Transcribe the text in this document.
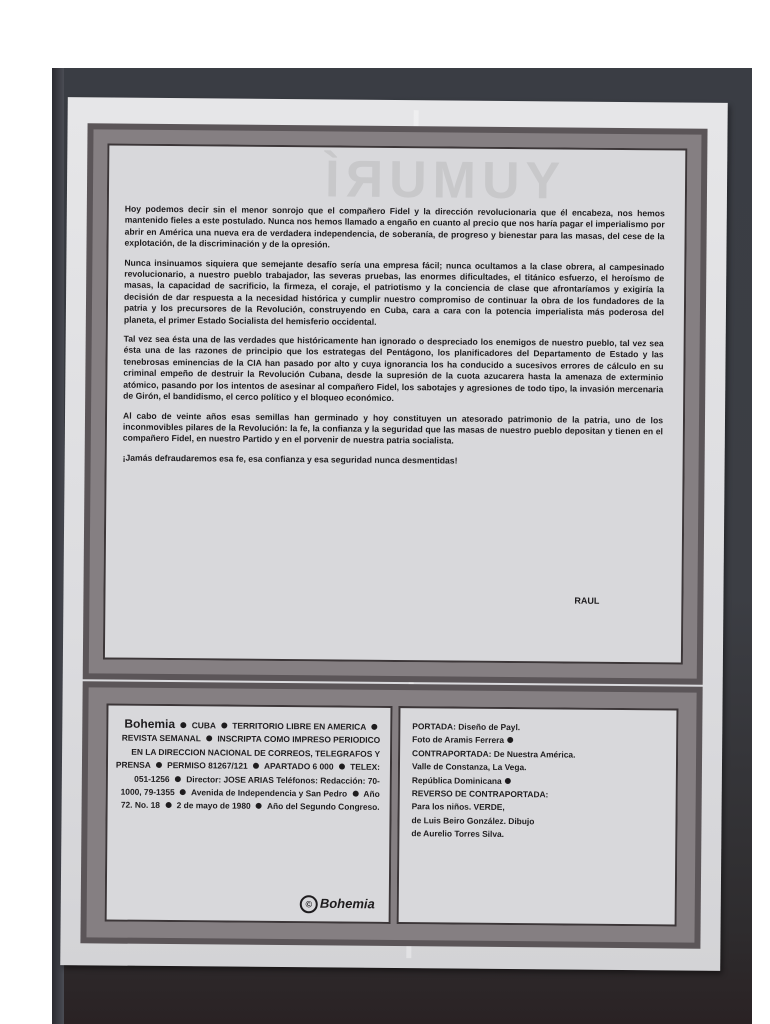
YUMURÍ

Hoy podemos decir sin el menor sonrojo que el compañero Fidel y la dirección revolucionaria que él encabeza, nos hemos mantenido fieles a este postulado. Nunca nos hemos llamado a engaño en cuanto al precio que nos haría pagar el imperialismo por abrir en América una nueva era de verdadera independencia, de soberanía, de progreso y bienestar para las masas, del cese de la explotación, de la discriminación y de la opresión.

Nunca insinuamos siquiera que semejante desafío sería una empresa fácil; nunca ocultamos a la clase obrera, al campesinado revolucionario, a nuestro pueblo trabajador, las severas pruebas, las enormes dificultades, el titánico esfuerzo, el heroísmo de masas, la capacidad de sacrificio, la firmeza, el coraje, el patriotismo y la conciencia de clase que afrontaríamos y exigiría la decisión de dar respuesta a la necesidad histórica y cumplir nuestro compromiso de continuar la obra de los fundadores de la patria y los precursores de la Revolución, construyendo en Cuba, cara a cara con la potencia imperialista más poderosa del planeta, el primer Estado Socialista del hemisferio occidental.

Tal vez sea ésta una de las verdades que históricamente han ignorado o despreciado los enemigos de nuestro pueblo, tal vez sea ésta una de las razones de principio que los estrategas del Pentágono, los planificadores del Departamento de Estado y las tenebrosas eminencias de la CIA han pasado por alto y cuya ignorancia los ha conducido a sucesivos errores de cálculo en su criminal empeño de destruir la Revolución Cubana, desde la supresión de la cuota azucarera hasta la amenaza de exterminio atómico, pasando por los intentos de asesinar al compañero Fidel, los sabotajes y agresiones de todo tipo, la invasión mercenaria de Girón, el bandidismo, el cerco político y el bloqueo económico.

Al cabo de veinte años esas semillas han germinado y hoy constituyen un atesorado patrimonio de la patria, uno de los inconmovibles pilares de la Revolución: la fe, la confianza y la seguridad que las masas de nuestro pueblo depositan y tienen en el compañero Fidel, en nuestro Partido y en el porvenir de nuestra patria socialista.

¡Jamás defraudaremos esa fe, esa confianza y esa seguridad nunca desmentidas!

RAUL
Bohemia CUBA TERRITORIO LIBRE EN AMERICA  REVISTA SEMANAL INSCRIPTA COMO IMPRESO PERIODICO EN LA DIRECCION NACIONAL DE CORREOS, TELEGRAFOS Y PRENSA PERMISO 81267/121 APARTADO 6 000 TELEX: 051-1256 Director: JOSE ARIAS Teléfonos: Redacción: 70-1000, 79-1355 Avenida de Independencia y San Pedro Año 72. No. 18 2 de mayo de 1980 Año del Segundo Congreso.
© Bohemia
PORTADA: Diseño de Payl.
Foto de Aramis Ferrera
CONTRAPORTADA: De Nuestra América.
Valle de Constanza, La Vega.
República Dominicana
REVERSO DE CONTRAPORTADA:
Para los niños. VERDE,
de Luis Beiro González. Dibujo
de Aurelio Torres Silva.
